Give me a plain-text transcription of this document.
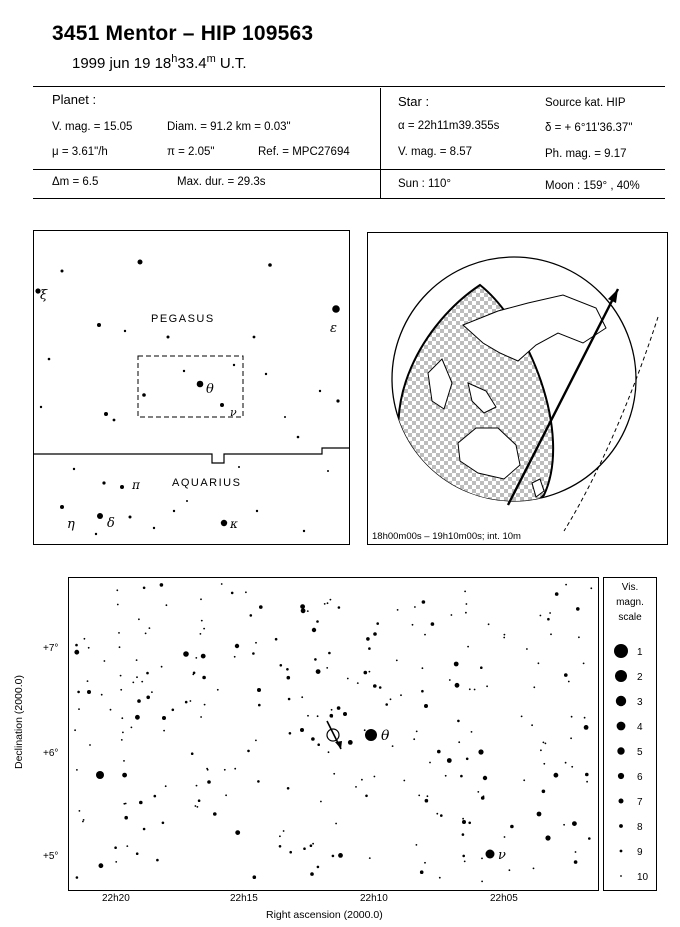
3451 Mentor – HIP 109563
1999 jun 19 18$^h$33.4$^m$ U.T.
Planet :
V. mag. = 15.05	Diam. = 91.2 km = 0.03"
μ = 3.61"/h	π = 2.05"	Ref. = MPC27694
Star :	Source kat. HIP
α = 22h11m39.355s	δ = + 6°11'36.37"
V. mag. = 8.57	Ph. mag. = 9.17
Δm = 6.5	Max. dur. = 29.3s	Sun : 110°	Moon : 159° , 40%
PEGASUS
AQUARIUS
ξ
ε
θ
ν
π
η δ	κ
18h00m00s – 19h10m00s; int. 10m
θ
ν
Declination (2000.0)
+7°
+6°
+5°
22h20	22h15	22h10	22h05
Right ascension (2000.0)
Vis.
magn.
scale
1
2
3
4
5
6
7
8
9
10
